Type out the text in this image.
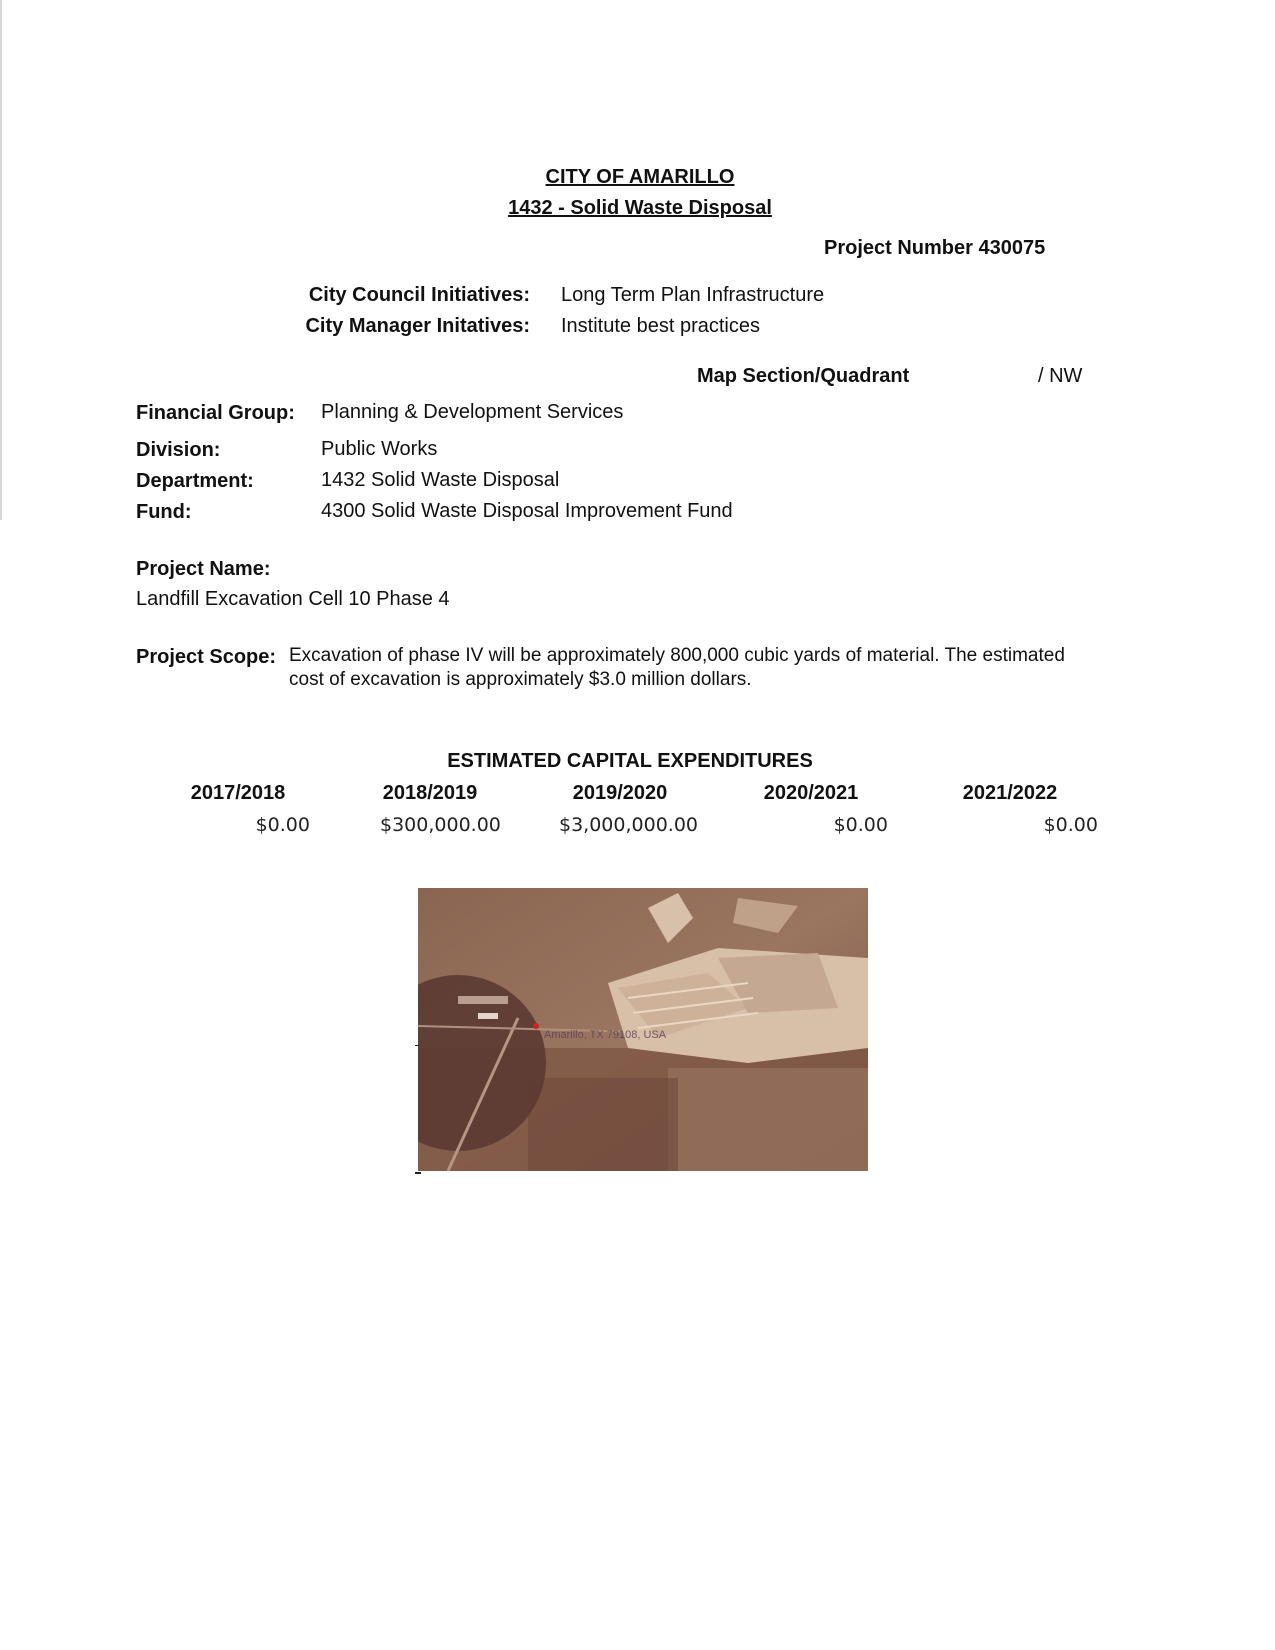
CITY OF AMARILLO
1432 - Solid Waste Disposal
Project Number 430075
City Council Initiatives: Long Term Plan Infrastructure
City Manager Initatives: Institute best practices
Map Section/Quadrant	/ NW
Financial Group: Planning & Development Services
Division:	Public Works
Department:	1432 Solid Waste Disposal
Fund:	4300 Solid Waste Disposal Improvement Fund
Project Name:
Landfill Excavation Cell 10 Phase 4
Project Scope: Excavation of phase IV will be approximately 800,000 cubic yards of material. The estimated
cost of excavation is approximately $3.0 million dollars.
ESTIMATED CAPITAL EXPENDITURES
2017/2018	2018/2019	2019/2020	2020/2021	2021/2022
$0.00	$300,000.00	$3,000,000.00	$0.00	$0.00
Amarillo, TX 79108, USA
